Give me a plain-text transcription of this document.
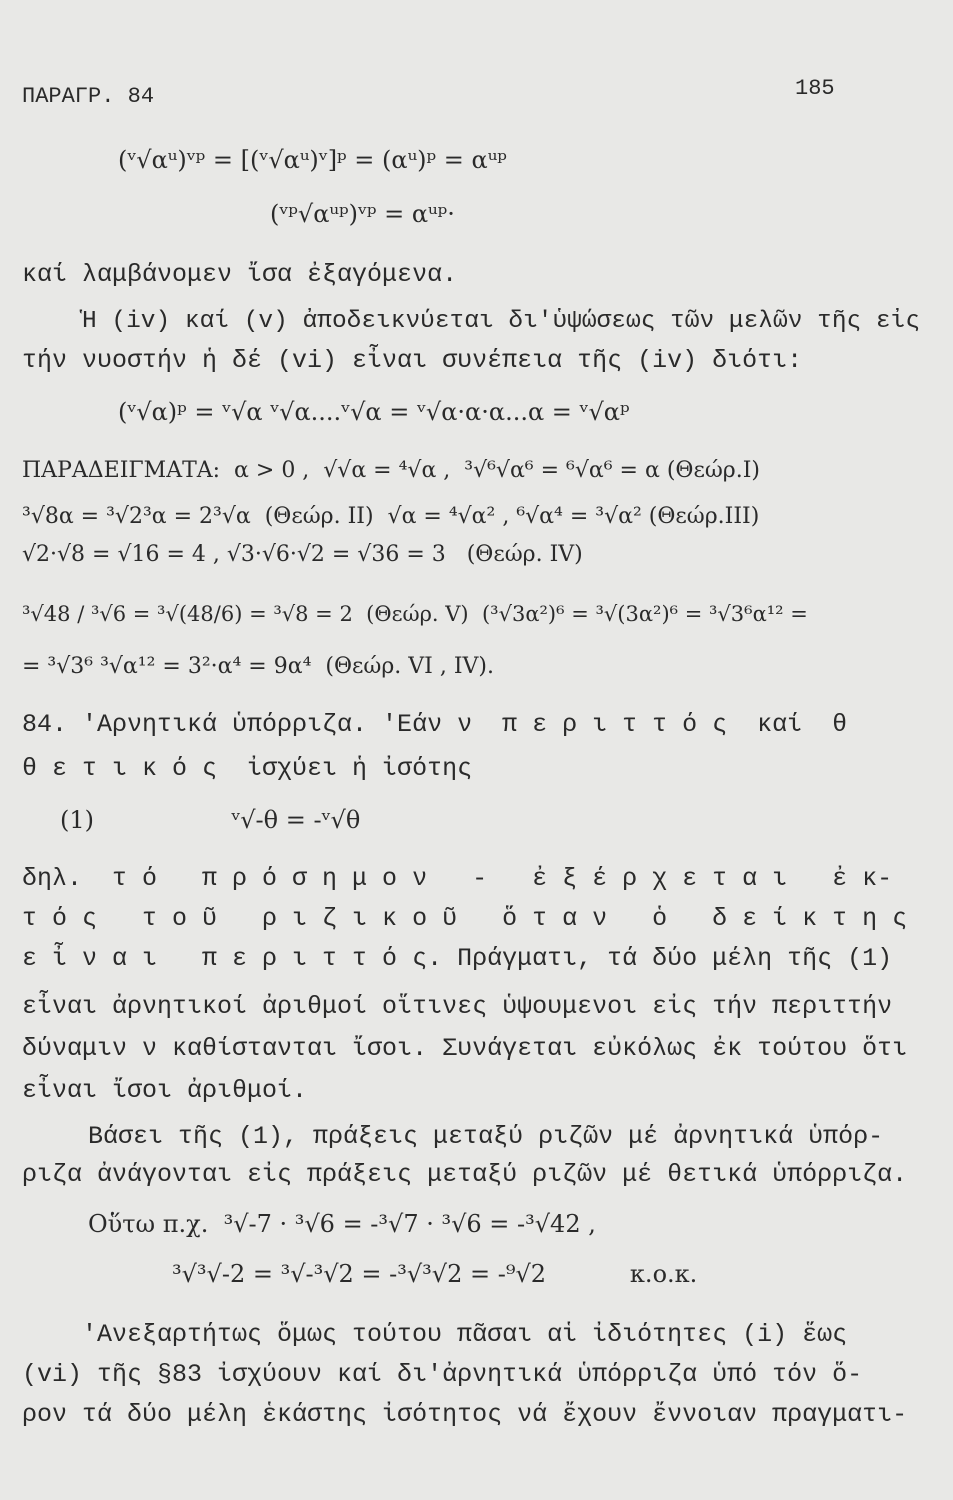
ΠΑΡΑΓΡ. 84	185
(ᵛ√αᵘ)ᵛᵖ = [(ᵛ√αᵘ)ᵛ]ᵖ = (αᵘ)ᵖ = αᵘᵖ
(ᵛᵖ√αᵘᵖ)ᵛᵖ = αᵘᵖ·
καί λαμβάνομεν ἴσα ἐξαγόμενα.
Ἡ (iv) καί (v) ἀποδεικνύεται δι'ὑψώσεως τῶν μελῶν τῆς εἰς
τήν νυοστήν ἡ δέ (vi) εἶναι συνέπεια τῆς (iv) διότι:
(ᵛ√α)ᵖ = ᵛ√α ᵛ√α....ᵛ√α = ᵛ√α·α·α...α = ᵛ√αᵖ
ΠΑΡΑΔΕΙΓΜΑΤΑ:  α > 0 ,  √√α = ⁴√α ,  ³√⁶√α⁶ = ⁶√α⁶ = α (Θεώρ.I)
³√8α = ³√2³α = 2³√α  (Θεώρ. II)  √α = ⁴√α² , ⁶√α⁴ = ³√α² (Θεώρ.III)
√2·√8 = √16 = 4 , √3·√6·√2 = √36 = 3   (Θεώρ. IV)
³√48 / ³√6 = ³√(48/6) = ³√8 = 2  (Θεώρ. V)  (³√3α²)⁶ = ³√(3α²)⁶ = ³√3⁶α¹² =
= ³√3⁶ ³√α¹² = 3²·α⁴ = 9α⁴  (Θεώρ. VI , IV).
84. 'Αρνητικά ὑπόρριζα. 'Εάν ν  π ε ρ ι τ τ ό ς  καί  θ
θ ε τ ι κ ό ς  ἰσχύει ἡ ἰσότης
(1)                  ᵛ√-θ = -ᵛ√θ
δηλ.  τ ό   π ρ ό σ η μ ο ν   -   ἐ ξ έ ρ χ ε τ α ι   ἐ κ-
τ ό ς   τ ο ῦ   ρ ι ζ ι κ ο ῦ   ὅ τ α ν   ὁ   δ ε ί κ τ η ς
ε ἶ ν α ι   π ε ρ ι τ τ ό ς. Πράγματι, τά δύο μέλη τῆς (1)
εἶναι ἀρνητικοί ἀριθμοί οἵτινες ὑψουμενοι εἰς τήν περιττήν
δύναμιν ν καθίστανται ἴσοι. Συνάγεται εὐκόλως ἐκ τούτου ὅτι
εἶναι ἴσοι ἀριθμοί.
Βάσει τῆς (1), πράξεις μεταξύ ριζῶν μέ ἀρνητικά ὑπόρ-
ριζα ἀνάγονται εἰς πράξεις μεταξύ ριζῶν μέ θετικά ὑπόρριζα.
Οὕτω π.χ.  ³√-7 · ³√6 = -³√7 · ³√6 = -³√42 ,
³√³√-2 = ³√-³√2 = -³√³√2 = -⁹√2           κ.ο.κ.
'Ανεξαρτήτως ὅμως τούτου πᾶσαι αἱ ἰδιότητες (i) ἕως
(vi) τῆς §83 ἰσχύουν καί δι'ἀρνητικά ὑπόρριζα ὑπό τόν ὅ-
ρον τά δύο μέλη ἑκάστης ἰσότητος νά ἔχουν ἔννοιαν πραγματι-
